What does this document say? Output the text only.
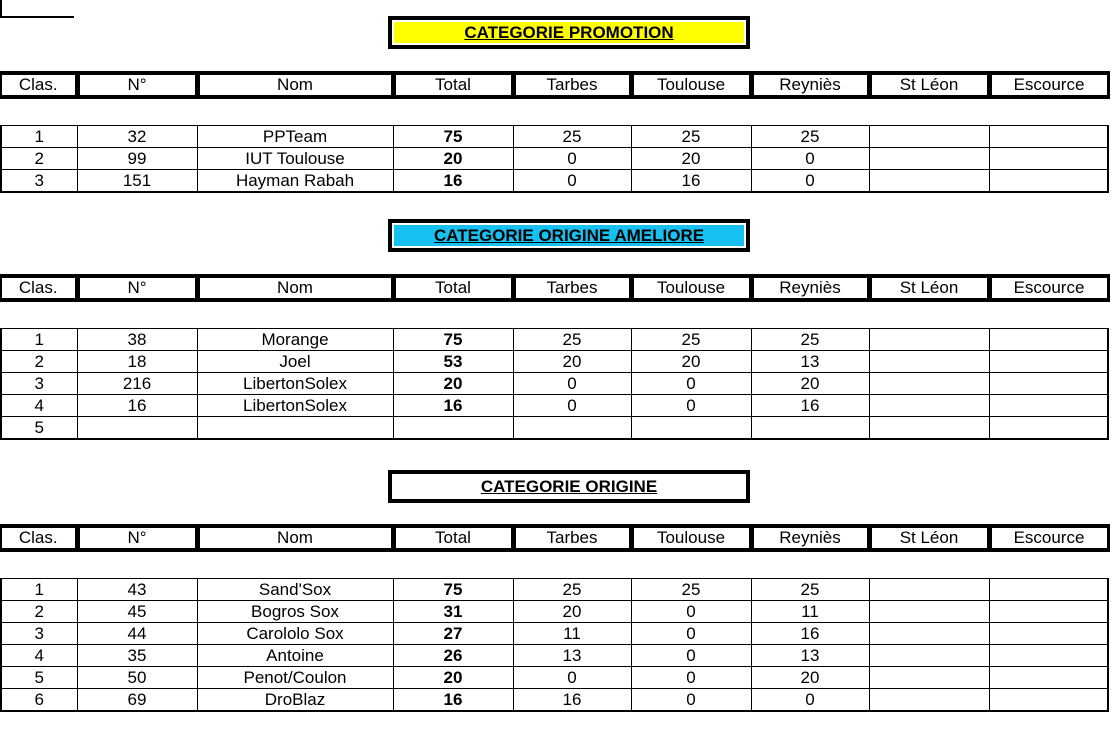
CATEGORIE PROMOTION
Clas.	N°	Nom	Total	Tarbes	Toulouse	Reyniès	St Léon	Escource
1	32	PPTeam	75	25	25	25		
2	99	IUT Toulouse	20	0	20	0		
3	151	Hayman Rabah	16	0	16	0		
CATEGORIE ORIGINE AMELIORE
Clas.	N°	Nom	Total	Tarbes	Toulouse	Reyniès	St Léon	Escource
1	38	Morange	75	25	25	25		
2	18	Joel	53	20	20	13		
3	216	LibertonSolex	20	0	0	20		
4	16	LibertonSolex	16	0	0	16		
5								
CATEGORIE ORIGINE
Clas.	N°	Nom	Total	Tarbes	Toulouse	Reyniès	St Léon	Escource
1	43	Sand'Sox	75	25	25	25		
2	45	Bogros Sox	31	20	0	11		
3	44	Carololo Sox	27	11	0	16		
4	35	Antoine	26	13	0	13		
5	50	Penot/Coulon	20	0	0	20		
6	69	DroBlaz	16	16	0	0		
